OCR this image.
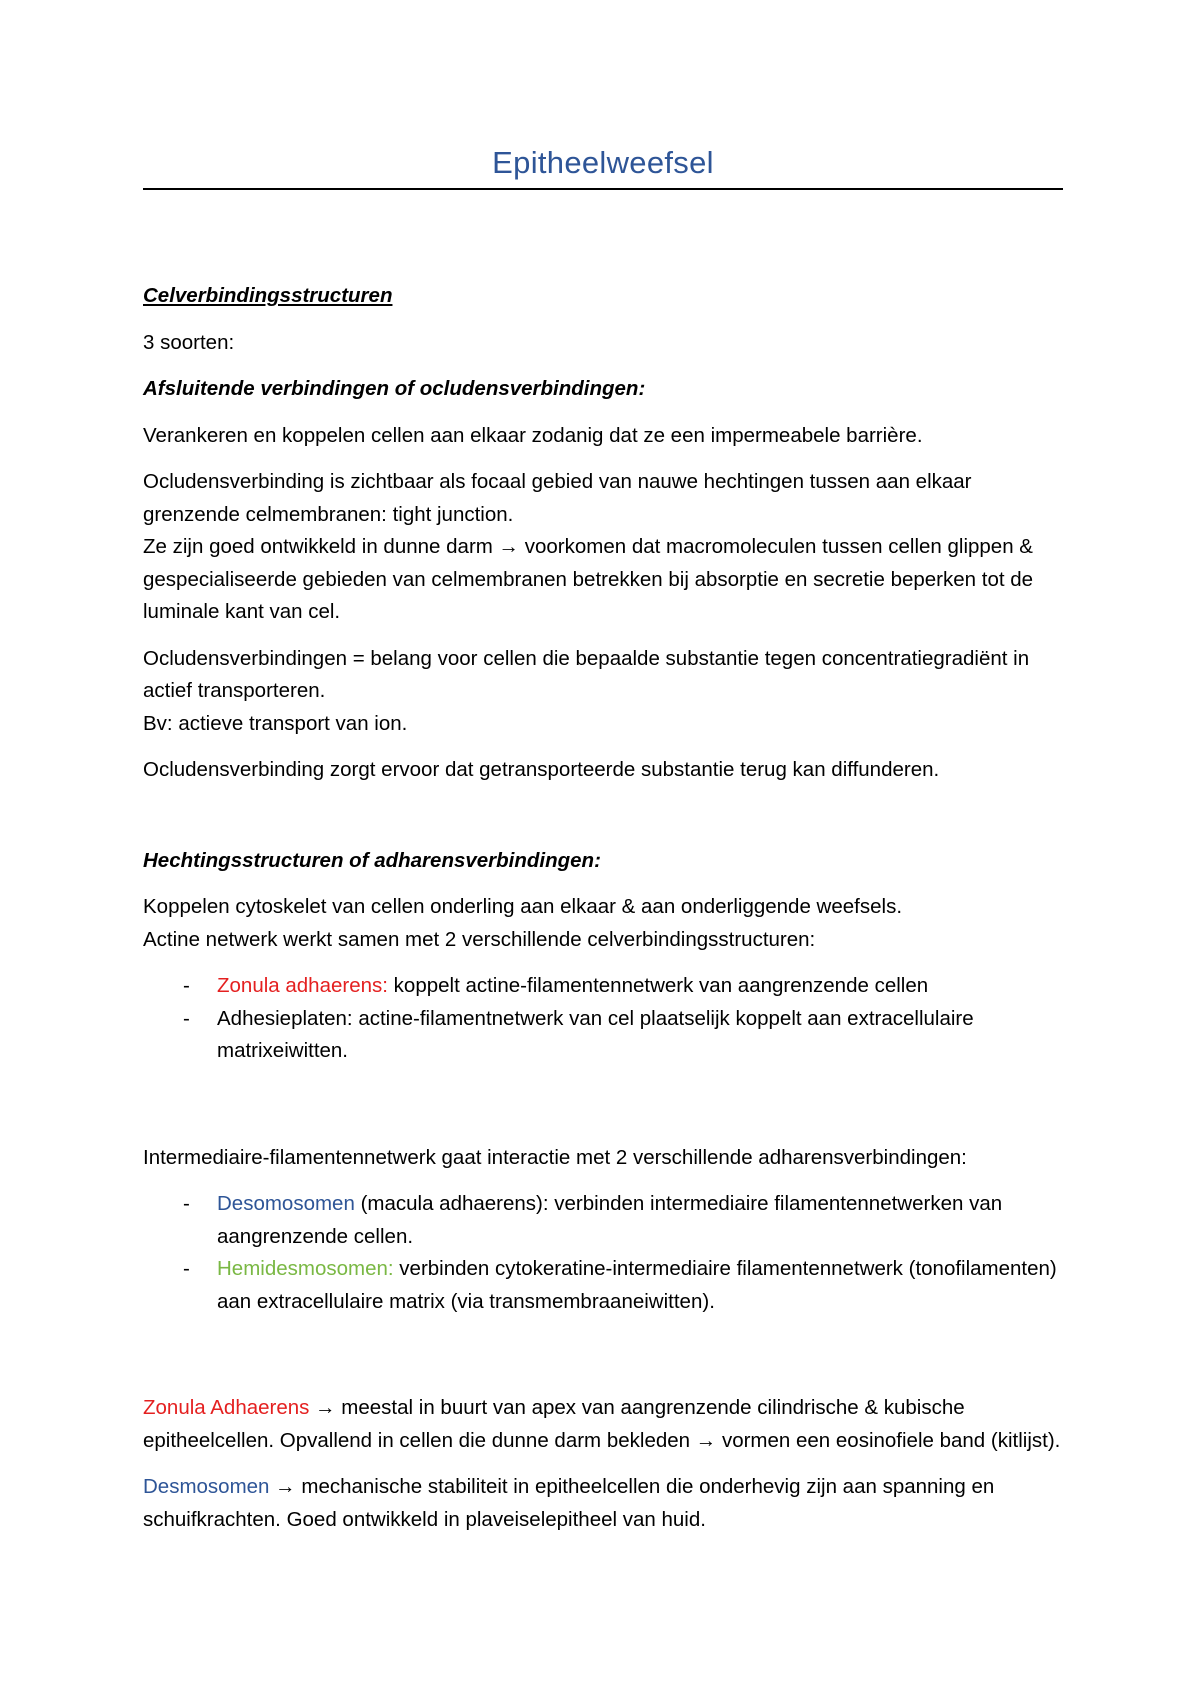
Epitheelweefsel

Celverbindingsstructuren

3 soorten:

Afsluitende verbindingen of ocludensverbindingen:

Verankeren en koppelen cellen aan elkaar zodanig dat ze een impermeabele barrière.

Ocludensverbinding is zichtbaar als focaal gebied van nauwe hechtingen tussen aan elkaar grenzende celmembranen: tight junction.
Ze zijn goed ontwikkeld in dunne darm → voorkomen dat macromoleculen tussen cellen glippen & gespecialiseerde gebieden van celmembranen betrekken bij absorptie en secretie beperken tot de luminale kant van cel.

Ocludensverbindingen = belang voor cellen die bepaalde substantie tegen concentratiegradiënt in actief transporteren.
Bv: actieve transport van ion.

Ocludensverbinding zorgt ervoor dat getransporteerde substantie terug kan diffunderen.

Hechtingsstructuren of adharensverbindingen:

Koppelen cytoskelet van cellen onderling aan elkaar & aan onderliggende weefsels.
Actine netwerk werkt samen met 2 verschillende celverbindingsstructuren:

- Zonula adhaerens: koppelt actine-filamentennetwerk van aangrenzende cellen
- Adhesieplaten: actine-filamentnetwerk van cel plaatselijk koppelt aan extracellulaire matrixeiwitten.

Intermediaire-filamentennetwerk gaat interactie met 2 verschillende adharensverbindingen:

- Desomosomen (macula adhaerens): verbinden intermediaire filamentennetwerken van aangrenzende cellen.
- Hemidesmosomen: verbinden cytokeratine-intermediaire filamentennetwerk (tonofilamenten) aan extracellulaire matrix (via transmembraaneiwitten).

Zonula Adhaerens → meestal in buurt van apex van aangrenzende cilindrische & kubische epitheelcellen. Opvallend in cellen die dunne darm bekleden → vormen een eosinofiele band (kitlijst).

Desmosomen → mechanische stabiliteit in epitheelcellen die onderhevig zijn aan spanning en schuifkrachten. Goed ontwikkeld in plaveiselepitheel van huid.
